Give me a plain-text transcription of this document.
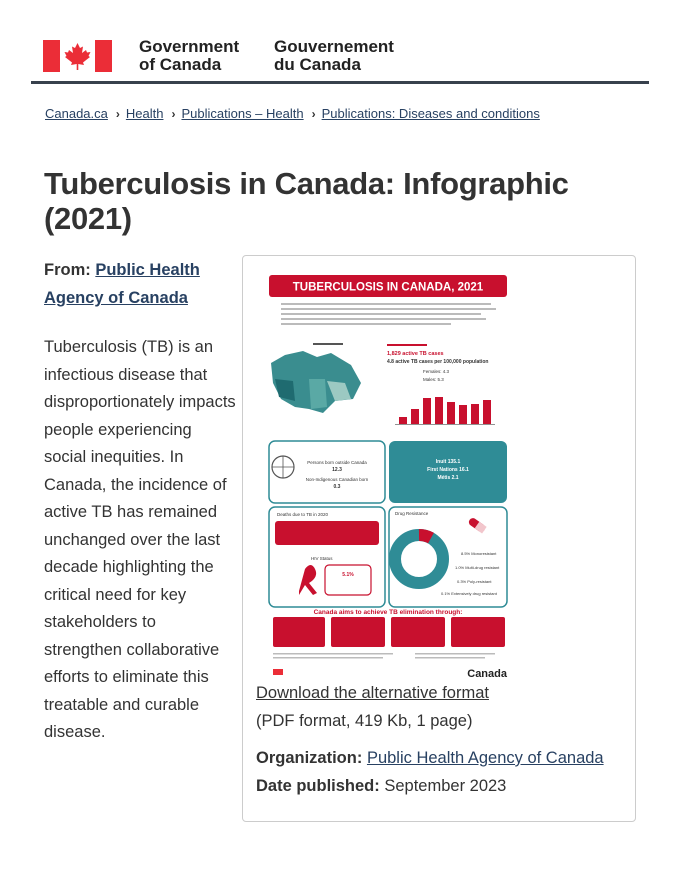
Government
of Canada
Gouvernement
du Canada
Canada.ca › Health › Publications – Health › Publications: Diseases and conditions
Tuberculosis in Canada: Infographic (2021)
From: Public Health Agency of Canada

Tuberculosis (TB) is an infectious disease that disproportionately impacts people experiencing social inequities. In Canada, the incidence of active TB has remained unchanged over the last decade highlighting the critical need for key stakeholders to strengthen collaborative efforts to eliminate this treatable and curable disease.

TUBERCULOSIS IN CANADA, 2021
1,829 active TB cases
4.8 active TB cases per 100,000 population
Females: 4.3
Males: 5.3
Persons born outside Canada
12.3
Non-Indigenous Canadian born
0.3
Inuit 135.1
First Nations 16.1
Métis 2.1
Deaths due to TB in 2020
HIV Status
5.1%
Drug Resistance
8.5% Monoresistant
1.0% Multi-drug resistant
0.3% Poly-resistant
0.1% Extensively drug resistant
Canada aims to achieve TB elimination through:
Canada
Download the alternative format
(PDF format, 419 Kb, 1 page)
Organization: Public Health Agency of Canada
Date published: September 2023
